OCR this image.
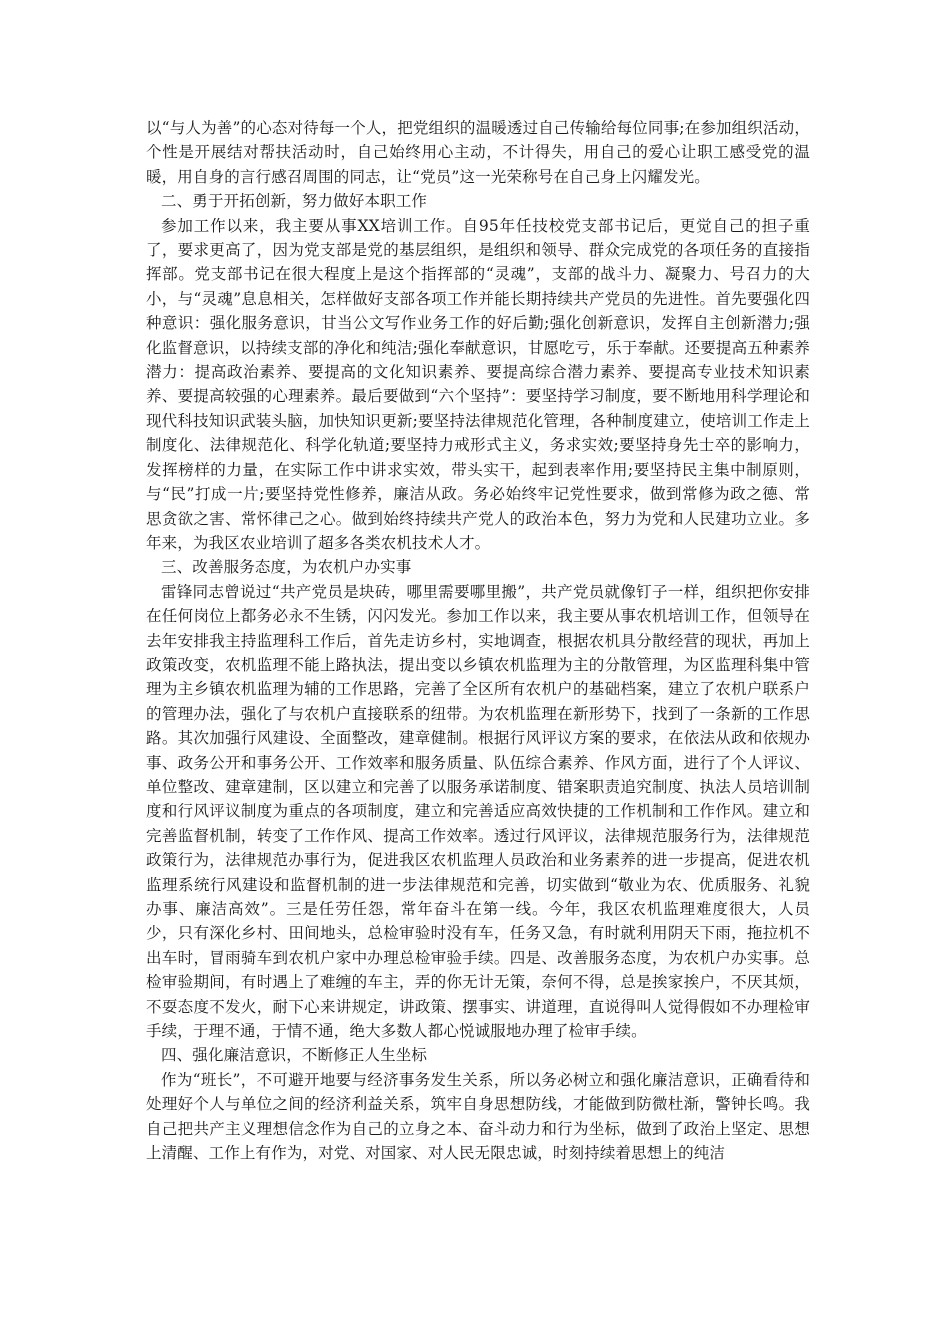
以“与人为善”的心态对待每一个人，把党组织的温暖透过自己传输给每位同事;在参加组织活动，个性是开展结对帮扶活动时，自己始终用心主动，不计得失，用自己的爱心让职工感受党的温暖，用自身的言行感召周围的同志，让“党员”这一光荣称号在自己身上闪耀发光。

二、勇于开拓创新，努力做好本职工作

参加工作以来，我主要从事XX培训工作。自95年任技校党支部书记后，更觉自己的担子重了，要求更高了，因为党支部是党的基层组织，是组织和领导、群众完成党的各项任务的直接指挥部。党支部书记在很大程度上是这个指挥部的“灵魂”，支部的战斗力、凝聚力、号召力的大小，与“灵魂”息息相关，怎样做好支部各项工作并能长期持续共产党员的先进性。首先要强化四种意识：强化服务意识，甘当公文写作业务工作的好后勤;强化创新意识，发挥自主创新潜力;强化监督意识，以持续支部的净化和纯洁;强化奉献意识，甘愿吃亏，乐于奉献。还要提高五种素养潜力：提高政治素养、要提高的文化知识素养、要提高综合潜力素养、要提高专业技术知识素养、要提高较强的心理素养。最后要做到“六个坚持”：要坚持学习制度，要不断地用科学理论和现代科技知识武装头脑，加快知识更新;要坚持法律规范化管理，各种制度建立，使培训工作走上制度化、法律规范化、科学化轨道;要坚持力戒形式主义，务求实效;要坚持身先士卒的影响力，发挥榜样的力量，在实际工作中讲求实效，带头实干，起到表率作用;要坚持民主集中制原则，与“民”打成一片;要坚持党性修养，廉洁从政。务必始终牢记党性要求，做到常修为政之德、常　思贪欲之害、常怀律己之心。做到始终持续共产党人的政治本色，努力为党和人民建功立业。多年来，为我区农业培训了超多各类农机技术人才。

三、改善服务态度，为农机户办实事

雷锋同志曾说过“共产党员是块砖，哪里需要哪里搬”，共产党员就像钉子一样，组织把你安排在任何岗位上都务必永不生锈，闪闪发光。参加工作以来，我主要从事农机培训工作，但领导在去年安排我主持监理科工作后，首先走访乡村，实地调查，根据农机具分散经营的现状，再加上政策改变，农机监理不能上路执法，提出变以乡镇农机监理为主的分散管理，为区监理科集中管理为主乡镇农机监理为辅的工作思路，完善了全区所有农机户的基础档案，建立了农机户联系户的管理办法，强化了与农机户直接联系的纽带。为农机监理在新形势下，找到了一条新的工作思路。其次加强行风建设、全面整改，建章健制。根据行风评议方案的要求，在依法从政和依规办事、政务公开和事务公开、工作效率和服务质量、队伍综合素养、作风方面，进行了个人评议、单位整改、建章建制，区以建立和完善了以服务承诺制度、错案职责追究制度、执法人员培训制度和行风评议制度为重点的各项制度，建立和完善适应高效快捷的工作机制和工作作风。建立和完善监督机制，转变了工作作风、提高工作效率。透过行风评议，法律规范服务行为，法律规范政策行为，法律规范办事行为，促进我区农机监理人员政治和业务素养的进一步提高，促进农机监理系统行风建设和监督机制的进一步法律规范和完善，切实做到“敬业为农、优质服务、礼貌办事、廉洁高效”。三是任劳任怨，常年奋斗在第一线。今年，我区农机监理难度很大，人员少，只有深化乡村、田间地头，总检审验时没有车，任务又急，有时就利用阴天下雨，拖拉机不出车时，冒雨骑车到农机户家中办理总检审验手续。四是、改善服务态度，为农机户办实事。总检审验期间，有时遇上了难缠的车主，弄的你无计无策，奈何不得，总是挨家挨户，不厌其烦，不耍态度不发火，耐下心来讲规定，讲政策、摆事实、讲道理，直说得叫人觉得假如不办理检审手续，于理不通，于情不通，绝大多数人都心悦诚服地办理了检审手续。

四、强化廉洁意识，不断修正人生坐标

作为“班长”，不可避开地要与经济事务发生关系，所以务必树立和强化廉洁意识，正确看待和处理好个人与单位之间的经济利益关系，筑牢自身思想防线，才能做到防微杜渐，警钟长鸣。我自己把共产主义理想信念作为自己的立身之本、奋斗动力和行为坐标，做到了政治上坚定、思想上清醒、工作上有作为，对党、对国家、对人民无限忠诚，时刻持续着思想上的纯洁
